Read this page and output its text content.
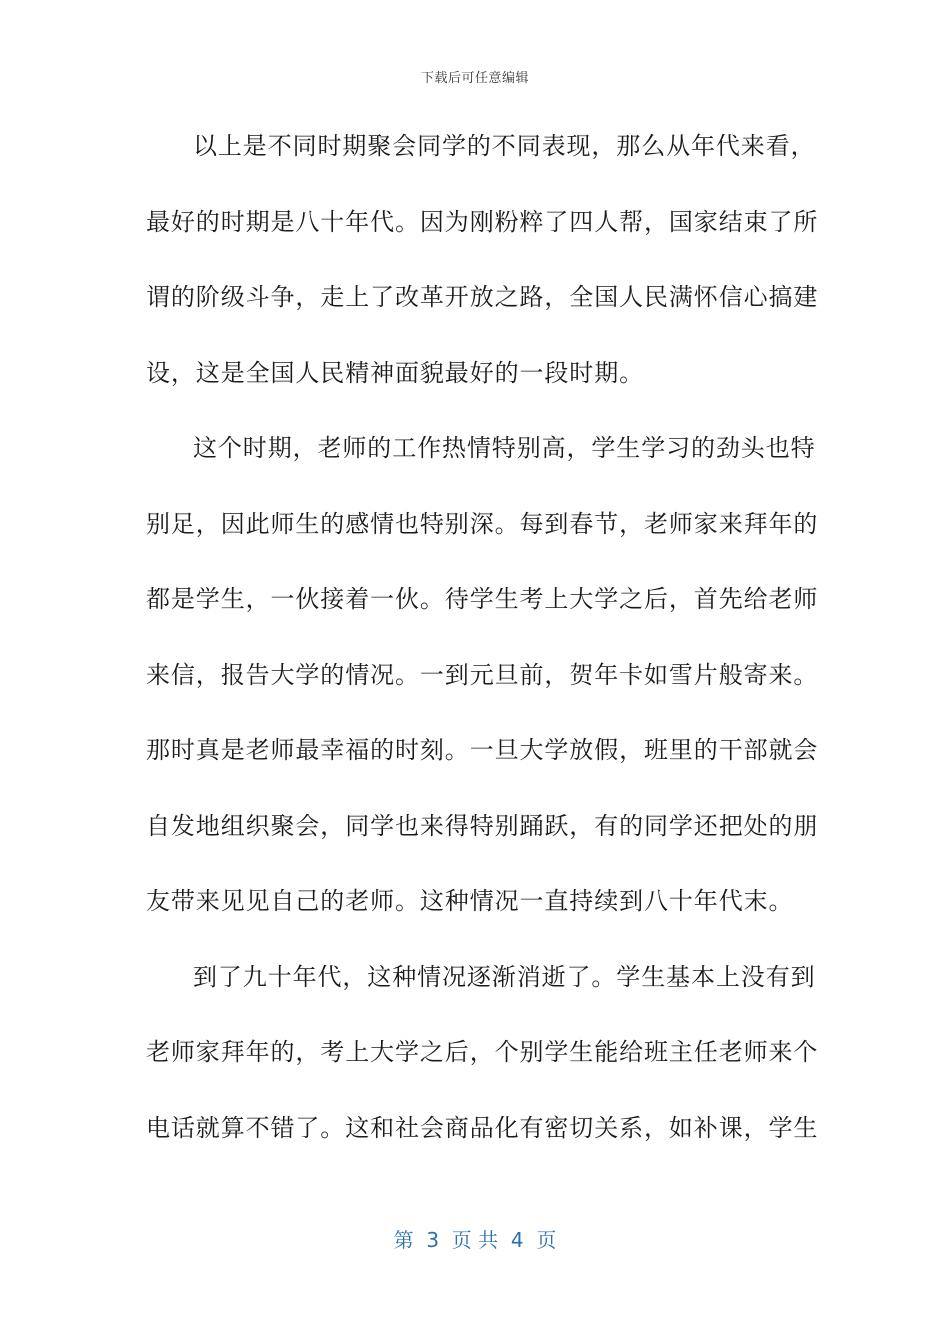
下载后可任意编辑
以上是不同时期聚会同学的不同表现，那么从年代来看，
最好的时期是八十年代。因为刚粉粹了四人帮，国家结束了所
谓的阶级斗争，走上了改革开放之路，全国人民满怀信心搞建
设，这是全国人民精神面貌最好的一段时期。
这个时期，老师的工作热情特别高，学生学习的劲头也特
别足，因此师生的感情也特别深。每到春节，老师家来拜年的
都是学生，一伙接着一伙。待学生考上大学之后，首先给老师
来信，报告大学的情况。一到元旦前，贺年卡如雪片般寄来。
那时真是老师最幸福的时刻。一旦大学放假，班里的干部就会
自发地组织聚会，同学也来得特别踊跃，有的同学还把处的朋
友带来见见自己的老师。这种情况一直持续到八十年代末。
到了九十年代，这种情况逐渐消逝了。学生基本上没有到
老师家拜年的，考上大学之后，个别学生能给班主任老师来个
电话就算不错了。这和社会商品化有密切关系，如补课，学生
第  3  页 共  4  页
